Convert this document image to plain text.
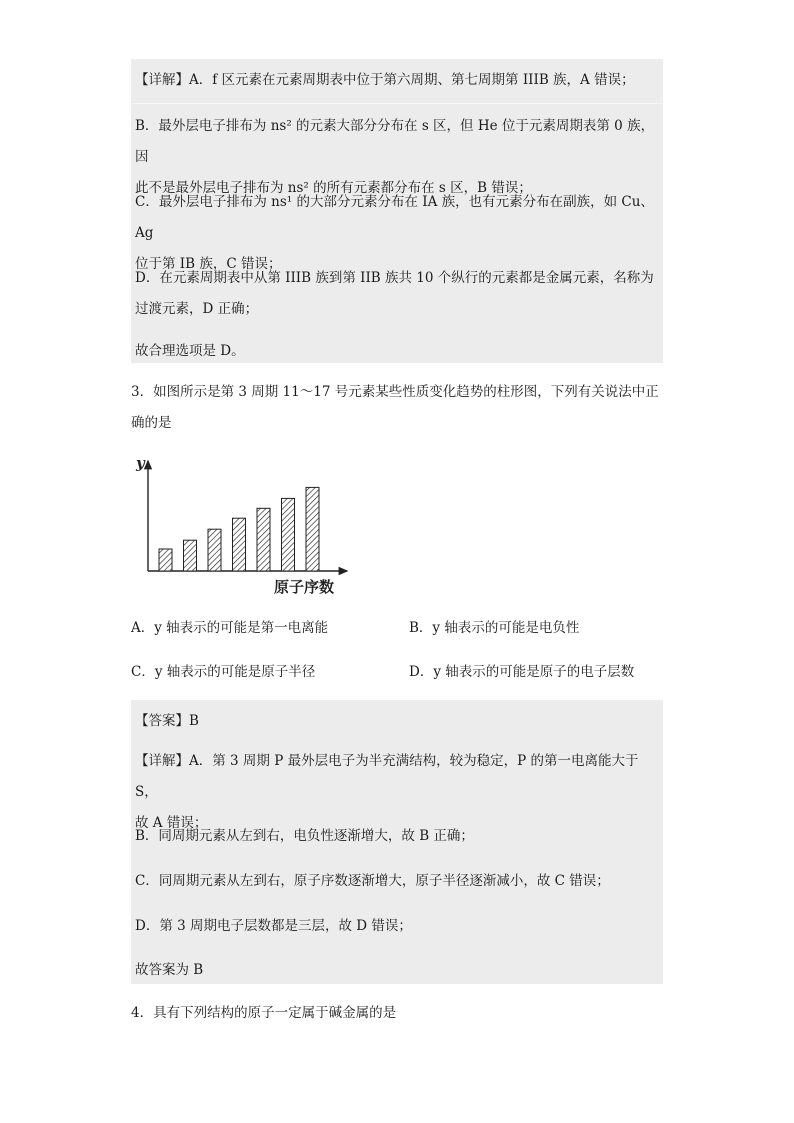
【详解】A．f 区元素在元素周期表中位于第六周期、第七周期第 IIIB 族，A 错误；
B．最外层电子排布为 ns² 的元素大部分分布在 s 区，但 He 位于元素周期表第 0 族，因
此不是最外层电子排布为 ns² 的所有元素都分布在 s 区，B 错误；
C．最外层电子排布为 ns¹ 的大部分元素分布在 IA 族，也有元素分布在副族，如 Cu、Ag
位于第 IB 族，C 错误；
D．在元素周期表中从第 IIIB 族到第 IIB 族共 10 个纵行的元素都是金属元素，名称为
过渡元素，D 正确；
故合理选项是 D。
3．如图所示是第 3 周期 11～17 号元素某些性质变化趋势的柱形图，下列有关说法中正
确的是
y
原子序数
A．y 轴表示的可能是第一电离能	B．y 轴表示的可能是电负性
C．y 轴表示的可能是原子半径	D．y 轴表示的可能是原子的电子层数
【答案】B
【详解】A．第 3 周期 P 最外层电子为半充满结构，较为稳定，P 的第一电离能大于 S，
故 A 错误；
B．同周期元素从左到右，电负性逐渐增大，故 B 正确；
C．同周期元素从左到右，原子序数逐渐增大，原子半径逐渐减小，故 C 错误；
D．第 3 周期电子层数都是三层，故 D 错误；
故答案为 B
4．具有下列结构的原子一定属于碱金属的是
